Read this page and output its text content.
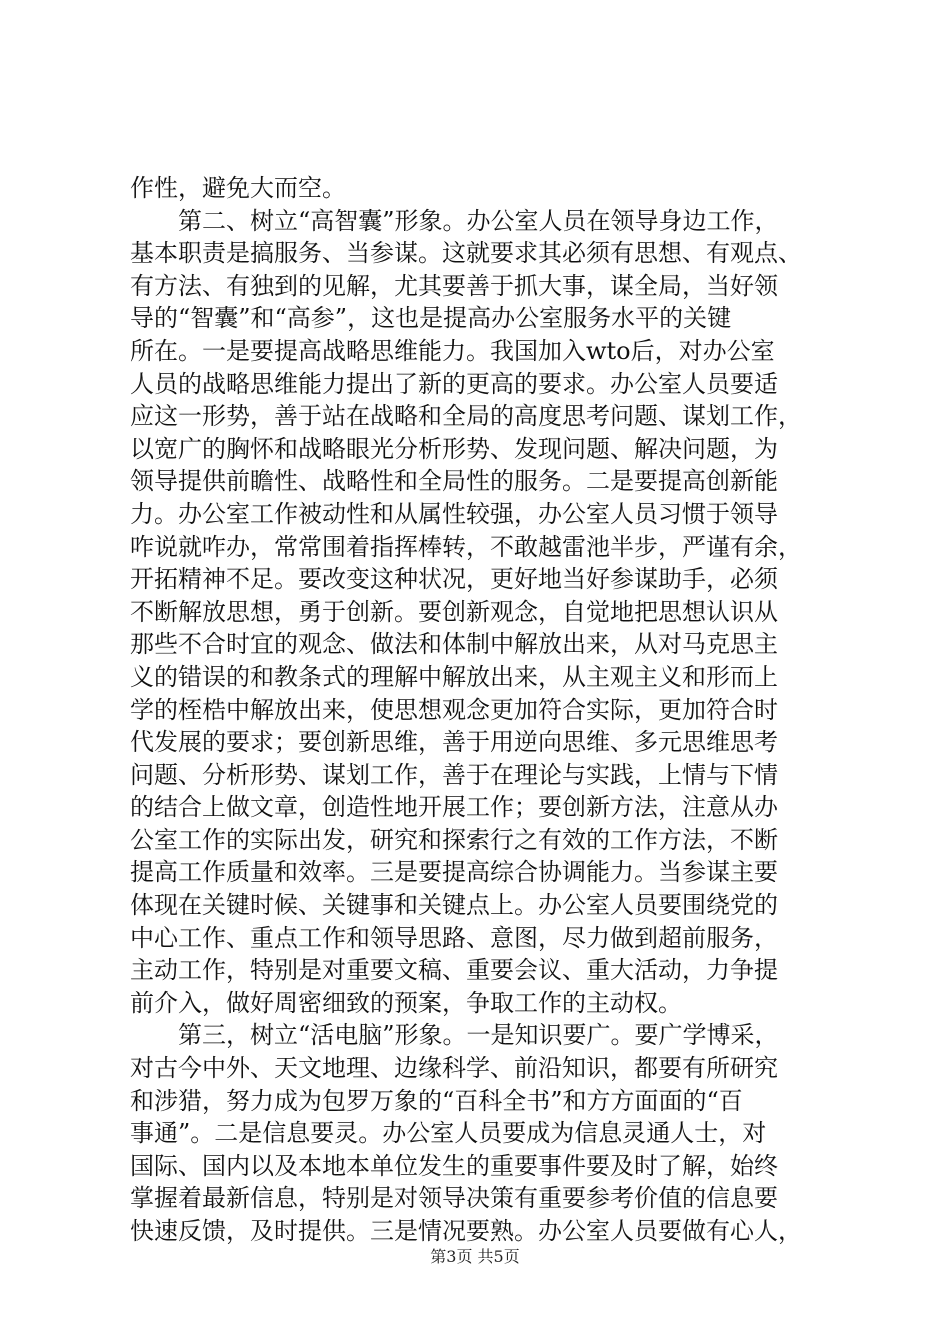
作性，避免大而空。
第二、树立“高智囊”形象。办公室人员在领导身边工作，
基本职责是搞服务、当参谋。这就要求其必须有思想、有观点、
有方法、有独到的见解，尤其要善于抓大事，谋全局，当好领
导的“智囊”和“高参”，这也是提高办公室服务水平的关键
所在。一是要提高战略思维能力。我国加入wto后，对办公室
人员的战略思维能力提出了新的更高的要求。办公室人员要适
应这一形势，善于站在战略和全局的高度思考问题、谋划工作，
以宽广的胸怀和战略眼光分析形势、发现问题、解决问题，为
领导提供前瞻性、战略性和全局性的服务。二是要提高创新能
力。办公室工作被动性和从属性较强，办公室人员习惯于领导
咋说就咋办，常常围着指挥棒转，不敢越雷池半步，严谨有余，
开拓精神不足。要改变这种状况，更好地当好参谋助手，必须
不断解放思想，勇于创新。要创新观念，自觉地把思想认识从
那些不合时宜的观念、做法和体制中解放出来，从对马克思主
义的错误的和教条式的理解中解放出来，从主观主义和形而上
学的桎梏中解放出来，使思想观念更加符合实际，更加符合时
代发展的要求；要创新思维，善于用逆向思维、多元思维思考
问题、分析形势、谋划工作，善于在理论与实践，上情与下情
的结合上做文章，创造性地开展工作；要创新方法，注意从办
公室工作的实际出发，研究和探索行之有效的工作方法，不断
提高工作质量和效率。三是要提高综合协调能力。当参谋主要
体现在关键时候、关键事和关键点上。办公室人员要围绕党的
中心工作、重点工作和领导思路、意图，尽力做到超前服务，
主动工作，特别是对重要文稿、重要会议、重大活动，力争提
前介入，做好周密细致的预案，争取工作的主动权。
第三，树立“活电脑”形象。一是知识要广。要广学博采，
对古今中外、天文地理、边缘科学、前沿知识，都要有所研究
和涉猎，努力成为包罗万象的“百科全书”和方方面面的“百
事通”。二是信息要灵。办公室人员要成为信息灵通人士，对
国际、国内以及本地本单位发生的重要事件要及时了解，始终
掌握着最新信息，特别是对领导决策有重要参考价值的信息要
快速反馈，及时提供。三是情况要熟。办公室人员要做有心人，
第3页 共5页
